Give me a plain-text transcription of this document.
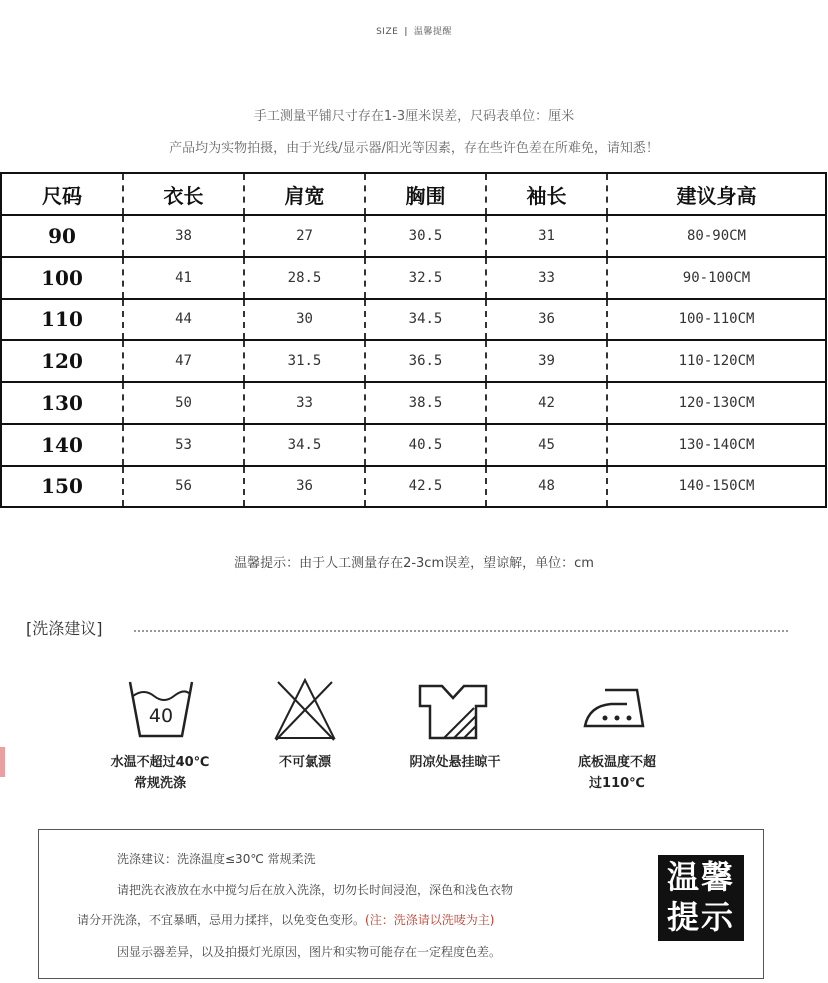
SIZE | 温馨提醒
手工测量平铺尺寸存在1-3厘米误差，尺码表单位：厘米
产品均为实物拍摄，由于光线/显示器/阳光等因素，存在些许色差在所难免，请知悉！
尺码	衣长	肩宽	胸围	袖长	建议身高
90	38	27	30.5	31	80-90CM
100	41	28.5	32.5	33	90-100CM
110	44	30	34.5	36	100-110CM
120	47	31.5	36.5	39	110-120CM
130	50	33	38.5	42	120-130CM
140	53	34.5	40.5	45	130-140CM
150	56	36	42.5	48	140-150CM
温馨提示：由于人工测量存在2-3cm误差，望谅解，单位：cm
[洗涤建议]
40
水温不超过40℃
常规洗涤
不可氯漂	阴凉处悬挂晾干	底板温度不超
过110℃
洗涤建议：洗涤温度≤30℃ 常规柔洗
请把洗衣液放在水中搅匀后在放入洗涤，切勿长时间浸泡，深色和浅色衣物
请分开洗涤，不宜暴晒，忌用力揉拌，以免变色变形。(注：洗涤请以洗唛为主)
因显示器差异，以及拍摄灯光原因，图片和实物可能存在一定程度色差。
温馨
提示
